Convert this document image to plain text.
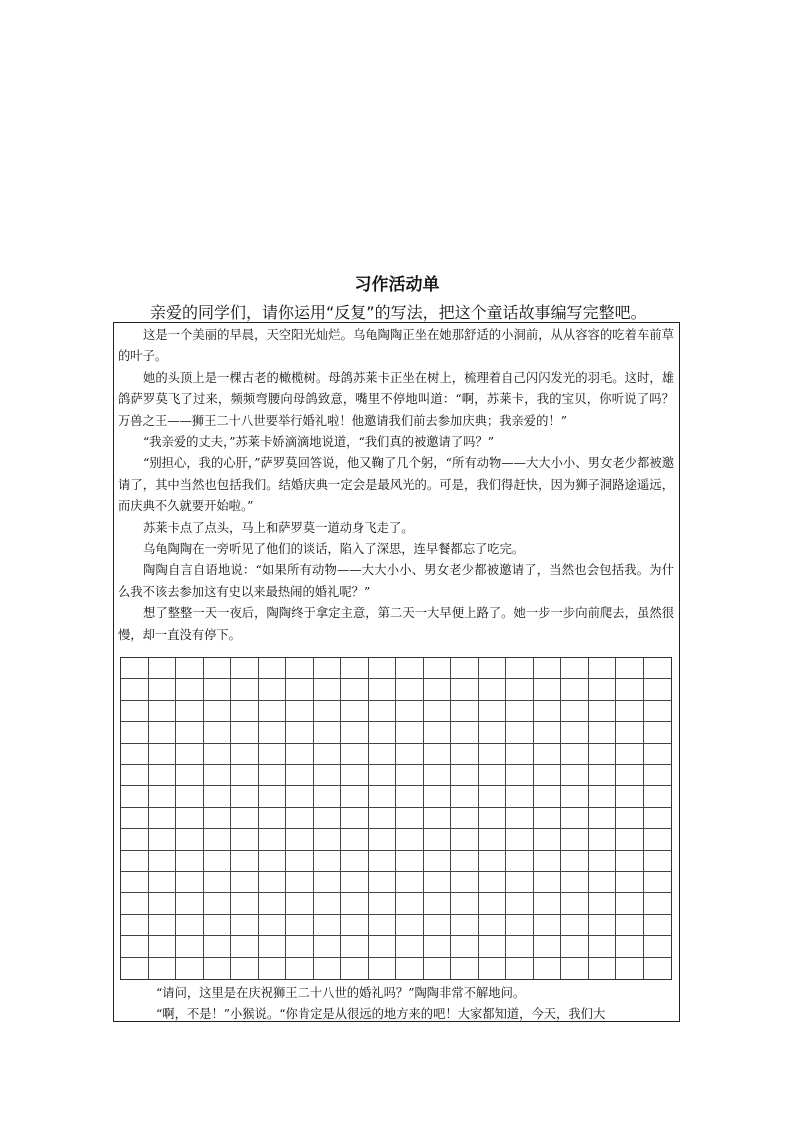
习作活动单
亲爱的同学们，请你运用“反复”的写法，把这个童话故事编写完整吧。

这是一个美丽的早晨，天空阳光灿烂。乌龟陶陶正坐在她那舒适的小洞前，从从容容的吃着车前草的叶子。

她的头顶上是一棵古老的橄榄树。母鸽苏莱卡正坐在树上，梳理着自己闪闪发光的羽毛。这时，雄鸽萨罗莫飞了过来，频频弯腰向母鸽致意，嘴里不停地叫道：“啊，苏莱卡，我的宝贝，你听说了吗？万兽之王——狮王二十八世要举行婚礼啦！他邀请我们前去参加庆典；我亲爱的！”

“我亲爱的丈夫，”苏莱卡娇滴滴地说道，“我们真的被邀请了吗？”

“别担心，我的心肝，”萨罗莫回答说，他又鞠了几个躬，“所有动物——大大小小、男女老少都被邀请了，其中当然也包括我们。结婚庆典一定会是最风光的。可是，我们得赶快，因为狮子洞路途遥远，而庆典不久就要开始啦。”

苏莱卡点了点头，马上和萨罗莫一道动身飞走了。

乌龟陶陶在一旁听见了他们的谈话，陷入了深思，连早餐都忘了吃完。

陶陶自言自语地说：“如果所有动物——大大小小、男女老少都被邀请了，当然也会包括我。为什么我不该去参加这有史以来最热闹的婚礼呢？”

想了整整一天一夜后，陶陶终于拿定主意，第二天一大早便上路了。她一步一步向前爬去，虽然很慢，却一直没有停下。

“请问，这里是在庆祝狮王二十八世的婚礼吗？”陶陶非常不解地问。

“啊，不是！”小猴说。“你肯定是从很远的地方来的吧！大家都知道，今天，我们大
